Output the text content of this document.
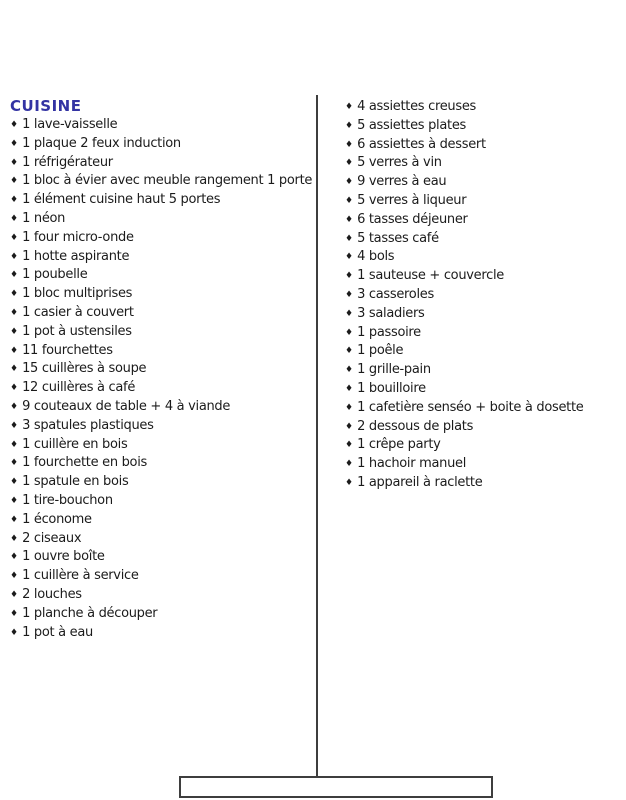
CUISINE
♦ 1 lave-vaisselle
♦ 1 plaque 2 feux induction
♦ 1 réfrigérateur
♦ 1 bloc à évier avec meuble rangement 1 porte
♦ 1 élément cuisine haut 5 portes
♦ 1 néon
♦ 1 four micro-onde
♦ 1 hotte aspirante
♦ 1 poubelle
♦ 1 bloc multiprises
♦ 1 casier à couvert
♦ 1 pot à ustensiles
♦ 11 fourchettes
♦ 15 cuillères à soupe
♦ 12 cuillères à café
♦ 9 couteaux de table + 4 à viande
♦ 3 spatules plastiques
♦ 1 cuillère en bois
♦ 1 fourchette en bois
♦ 1 spatule en bois
♦ 1 tire-bouchon
♦ 1 économe
♦ 2 ciseaux
♦ 1 ouvre boîte
♦ 1 cuillère à service
♦ 2 louches
♦ 1 planche à découper
♦ 1 pot à eau
♦ 4 assiettes creuses
♦ 5 assiettes plates
♦ 6 assiettes à dessert
♦ 5 verres à vin
♦ 9 verres à eau
♦ 5 verres à liqueur
♦ 6 tasses déjeuner
♦ 5 tasses café
♦ 4 bols
♦ 1 sauteuse + couvercle
♦ 3 casseroles
♦ 3 saladiers
♦ 1 passoire
♦ 1 poêle
♦ 1 grille-pain
♦ 1 bouilloire
♦ 1 cafetière senséo + boite à dosette
♦ 2 dessous de plats
♦ 1 crêpe party
♦ 1 hachoir manuel
♦ 1 appareil à raclette
